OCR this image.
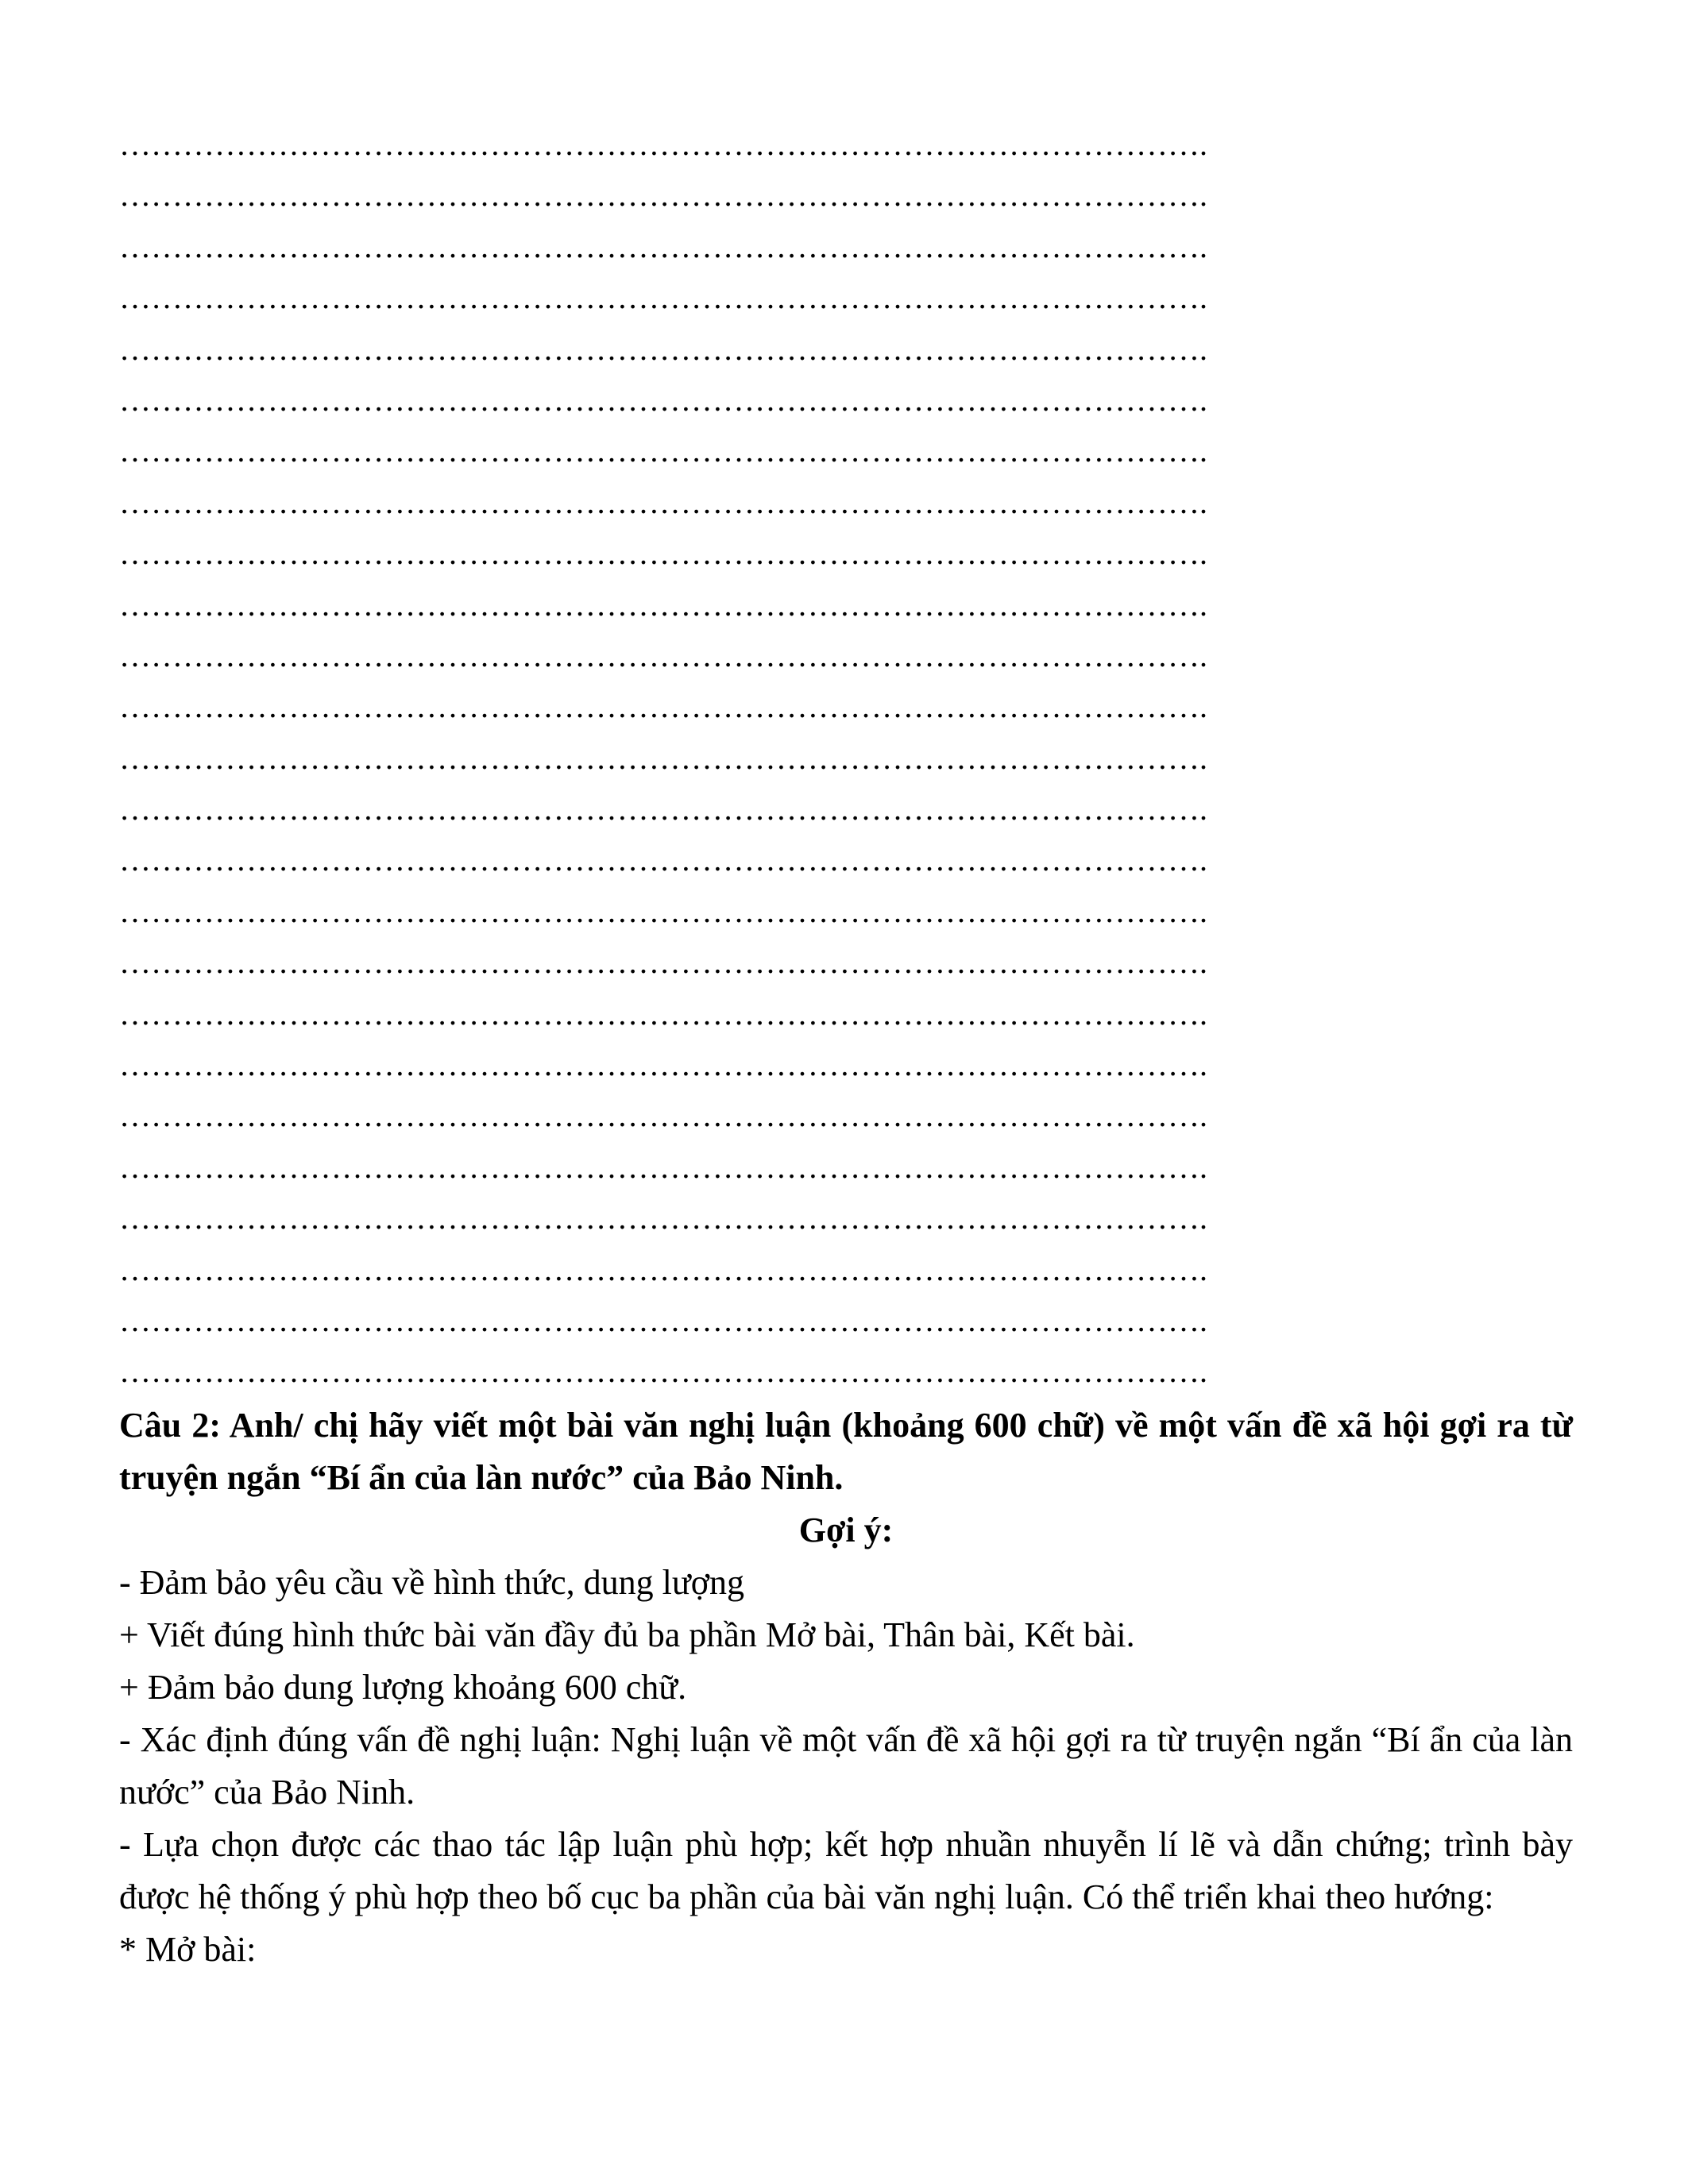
………………………………………………………………………………………….
………………………………………………………………………………………….
………………………………………………………………………………………….
………………………………………………………………………………………….
………………………………………………………………………………………….
………………………………………………………………………………………….
………………………………………………………………………………………….
………………………………………………………………………………………….
………………………………………………………………………………………….
………………………………………………………………………………………….
………………………………………………………………………………………….
………………………………………………………………………………………….
………………………………………………………………………………………….
………………………………………………………………………………………….
………………………………………………………………………………………….
………………………………………………………………………………………….
………………………………………………………………………………………….
………………………………………………………………………………………….
………………………………………………………………………………………….
………………………………………………………………………………………….
………………………………………………………………………………………….
………………………………………………………………………………………….
………………………………………………………………………………………….
………………………………………………………………………………………….
………………………………………………………………………………………….
Câu 2: Anh/ chị hãy viết một bài văn nghị luận (khoảng 600 chữ) về một vấn đề xã hội gợi ra từ truyện ngắn “Bí ẩn của làn nước” của Bảo Ninh.
Gợi ý:

- Đảm bảo yêu cầu về hình thức, dung lượng

+ Viết đúng hình thức bài văn đầy đủ ba phần Mở bài, Thân bài, Kết bài.

+ Đảm bảo dung lượng khoảng 600 chữ.

- Xác định đúng vấn đề nghị luận: Nghị luận về một vấn đề xã hội gợi ra từ truyện ngắn “Bí ẩn của làn nước” của Bảo Ninh.

- Lựa chọn được các thao tác lập luận phù hợp; kết hợp nhuần nhuyễn lí lẽ và dẫn chứng; trình bày được hệ thống ý phù hợp theo bố cục ba phần của bài văn nghị luận. Có thể triển khai theo hướng:

* Mở bài:
